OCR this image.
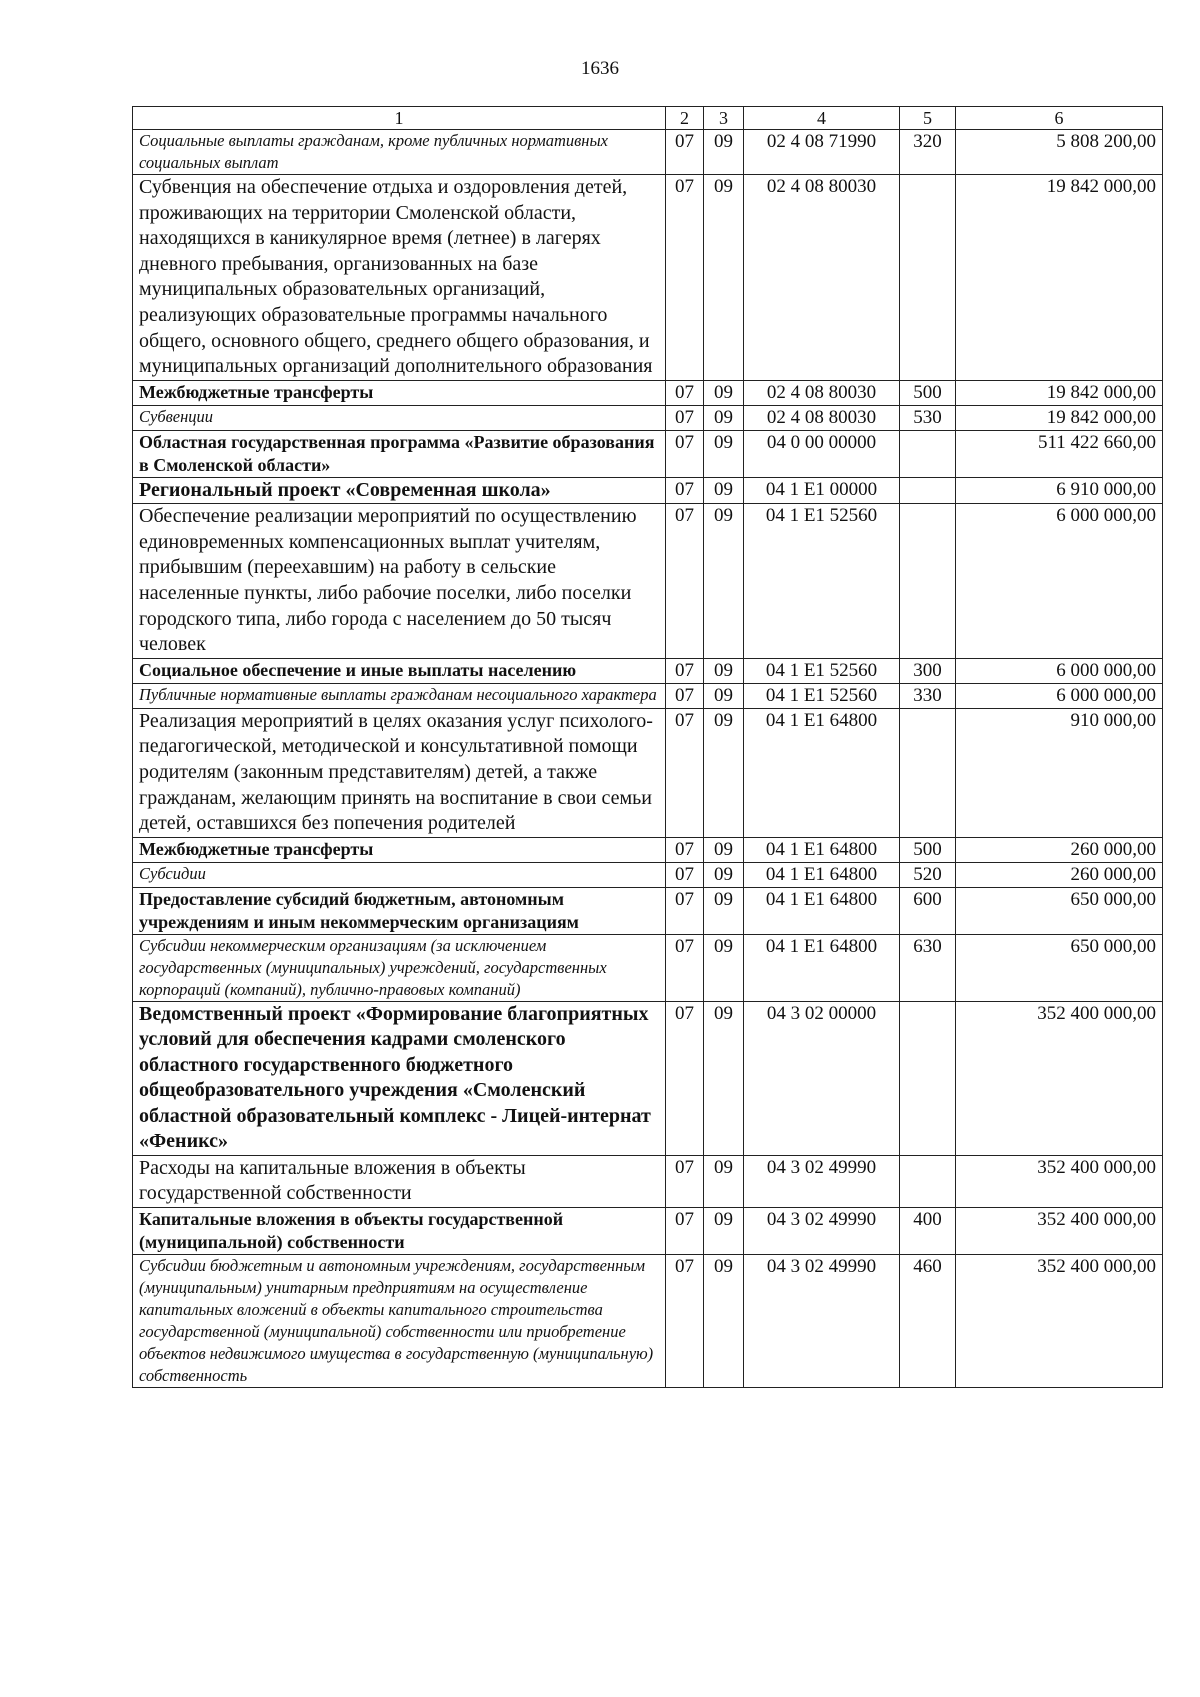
1636
1	2	3	4	5	6
Социальные выплаты гражданам, кроме публичных нормативных социальных выплат	07	09	02 4 08 71990	320	5 808 200,00
Субвенция на обеспечение отдыха и оздоровления детей, проживающих на территории Смоленской области, находящихся в каникулярное время (летнее) в лагерях дневного пребывания, организованных на базе муниципальных образовательных организаций, реализующих образовательные программы начального общего, основного общего, среднего общего образования, и муниципальных организаций дополнительного образования	07	09	02 4 08 80030		19 842 000,00
Межбюджетные трансферты	07	09	02 4 08 80030	500	19 842 000,00
Субвенции	07	09	02 4 08 80030	530	19 842 000,00
Областная государственная программа «Развитие образования в Смоленской области»	07	09	04 0 00 00000		511 422 660,00
Региональный проект «Современная школа»	07	09	04 1 Е1 00000		6 910 000,00
Обеспечение реализации мероприятий по осуществлению единовременных компенсационных выплат учителям, прибывшим (переехавшим) на работу в сельские населенные пункты, либо рабочие поселки, либо поселки городского типа, либо города с населением до 50 тысяч человек	07	09	04 1 Е1 52560		6 000 000,00
Социальное обеспечение и иные выплаты населению	07	09	04 1 Е1 52560	300	6 000 000,00
Публичные нормативные выплаты гражданам несоциального характера	07	09	04 1 Е1 52560	330	6 000 000,00
Реализация мероприятий в целях оказания услуг психолого-педагогической, методической и консультативной помощи родителям (законным представителям) детей, а также гражданам, желающим принять на воспитание в свои семьи детей, оставшихся без попечения родителей	07	09	04 1 Е1 64800		910 000,00
Межбюджетные трансферты	07	09	04 1 Е1 64800	500	260 000,00
Субсидии	07	09	04 1 Е1 64800	520	260 000,00
Предоставление субсидий бюджетным, автономным учреждениям и иным некоммерческим организациям	07	09	04 1 Е1 64800	600	650 000,00
Субсидии некоммерческим организациям (за исключением государственных (муниципальных) учреждений, государственных корпораций (компаний), публично-правовых компаний)	07	09	04 1 Е1 64800	630	650 000,00
Ведомственный проект «Формирование благоприятных условий для обеспечения кадрами смоленского областного государственного бюджетного общеобразовательного учреждения «Смоленский областной образовательный комплекс - Лицей-интернат «Феникс»	07	09	04 3 02 00000		352 400 000,00
Расходы на капитальные вложения в объекты государственной собственности	07	09	04 3 02 49990		352 400 000,00
Капитальные вложения в объекты государственной (муниципальной) собственности	07	09	04 3 02 49990	400	352 400 000,00
Субсидии бюджетным и автономным учреждениям, государственным (муниципальным) унитарным предприятиям на осуществление капитальных вложений в объекты капитального строительства государственной (муниципальной) собственности или приобретение объектов недвижимого имущества в государственную (муниципальную) собственность	07	09	04 3 02 49990	460	352 400 000,00
